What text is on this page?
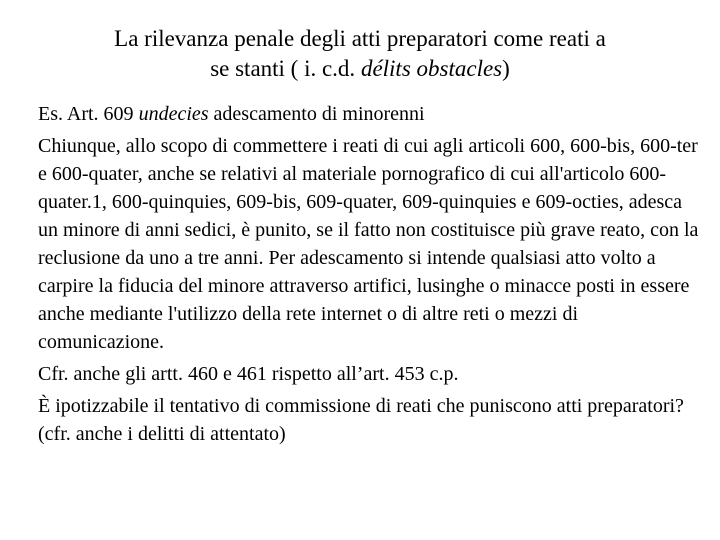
La rilevanza penale degli atti preparatori come reati a
se stanti ( i. c.d. délits obstacles)

Es. Art. 609 undecies adescamento di minorenni

Chiunque, allo scopo di commettere i reati di cui agli articoli 600, 600-bis, 600-ter e 600-quater, anche se relativi al materiale pornografico di cui all'articolo 600-quater.1, 600-quinquies, 609-bis, 609-quater, 609-quinquies e 609-octies, adesca un minore di anni sedici, è punito, se il fatto non costituisce più grave reato, con la reclusione da uno a tre anni. Per adescamento si intende qualsiasi atto volto a carpire la fiducia del minore attraverso artifici, lusinghe o minacce posti in essere anche mediante l'utilizzo della rete internet o di altre reti o mezzi di comunicazione.

Cfr. anche gli artt. 460 e 461 rispetto all’art. 453 c.p.

È ipotizzabile il tentativo di commissione di reati che puniscono atti preparatori? (cfr. anche i delitti di attentato)
